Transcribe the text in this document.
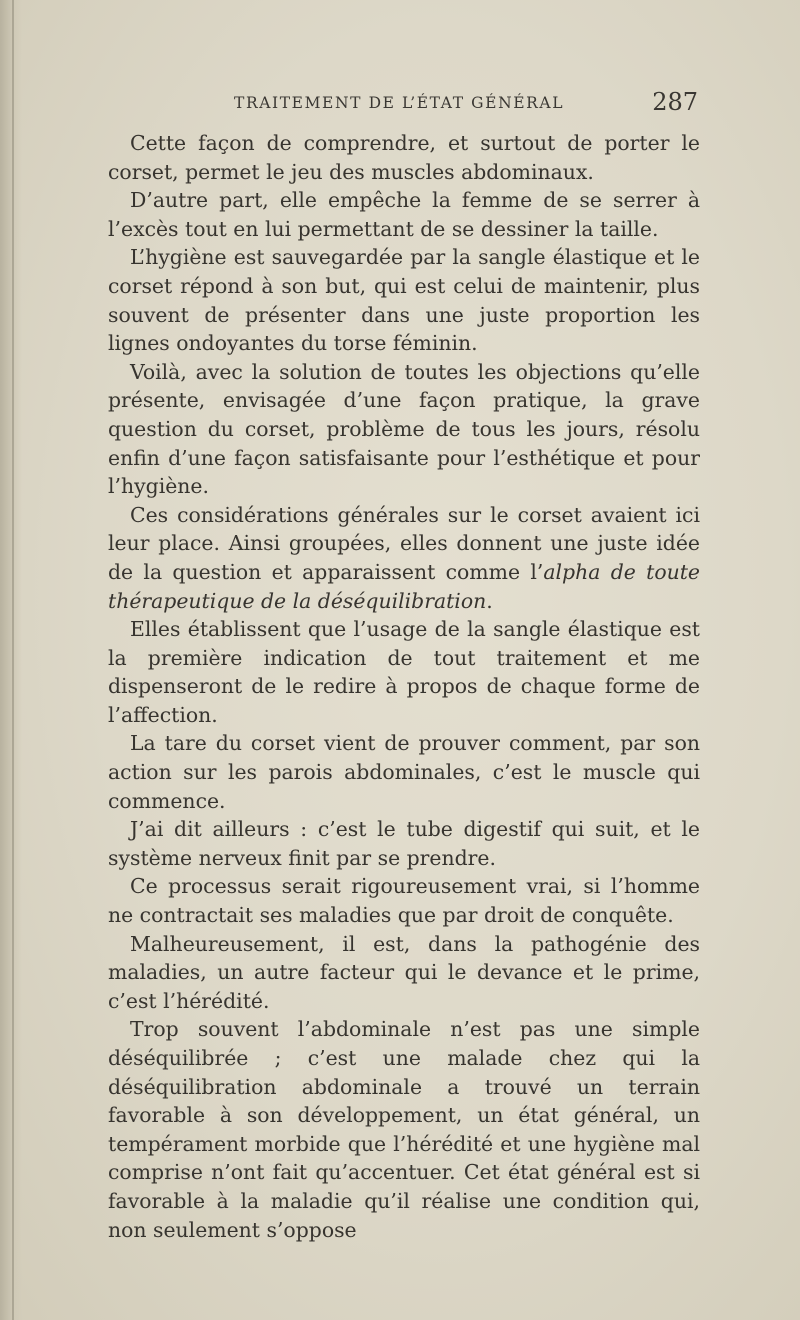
TRAITEMENT DE L’ÉTAT GÉNÉRAL	287

Cette façon de comprendre, et surtout de porter le corset, permet le jeu des muscles abdominaux.

D’autre part, elle empêche la femme de se serrer à l’excès tout en lui permettant de se dessiner la taille.

L’hygiène est sauvegardée par la sangle élastique et le corset répond à son but, qui est celui de maintenir, plus souvent de présenter dans une juste proportion les lignes ondoyantes du torse féminin.

Voilà, avec la solution de toutes les objections qu’elle présente, envisagée d’une façon pratique, la grave question du corset, problème de tous les jours, résolu enfin d’une façon satisfaisante pour l’esthétique et pour l’hygiène.

Ces considérations générales sur le corset avaient ici leur place. Ainsi groupées, elles donnent une juste idée de la question et apparaissent comme l’alpha de toute thérapeutique de la déséquilibration.

Elles établissent que l’usage de la sangle élastique est la première indication de tout traitement et me dispenseront de le redire à propos de chaque forme de l’affection.

La tare du corset vient de prouver comment, par son action sur les parois abdominales, c’est le muscle qui commence.

J’ai dit ailleurs : c’est le tube digestif qui suit, et le système nerveux finit par se prendre.

Ce processus serait rigoureusement vrai, si l’homme ne contractait ses maladies que par droit de conquête.

Malheureusement, il est, dans la pathogénie des maladies, un autre facteur qui le devance et le prime, c’est l’hérédité.

Trop souvent l’abdominale n’est pas une simple déséquilibrée ; c’est une malade chez qui la déséquilibration abdominale a trouvé un terrain favorable à son développement, un état général, un tempérament morbide que l’hérédité et une hygiène mal comprise n’ont fait qu’accentuer. Cet état général est si favorable à la maladie qu’il réalise une condition qui, non seulement s’oppose
